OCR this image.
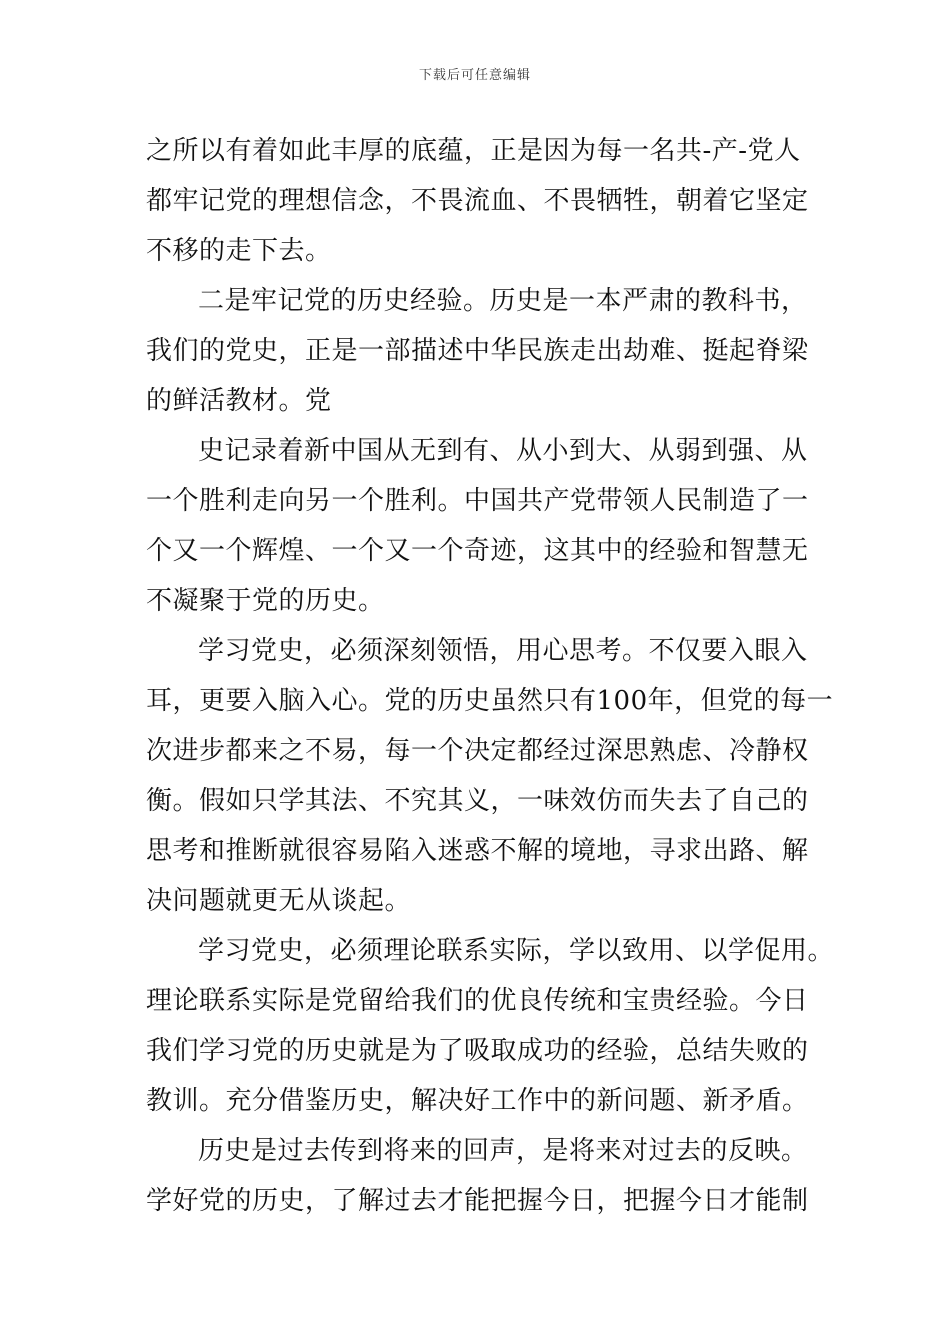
下载后可任意编辑
之所以有着如此丰厚的底蕴，正是因为每一名共-产-党人
都牢记党的理想信念，不畏流血、不畏牺牲，朝着它坚定
不移的走下去。
二是牢记党的历史经验。历史是一本严肃的教科书，
我们的党史，正是一部描述中华民族走出劫难、挺起脊梁
的鲜活教材。党
史记录着新中国从无到有、从小到大、从弱到强、从
一个胜利走向另一个胜利。中国共产党带领人民制造了一
个又一个辉煌、一个又一个奇迹，这其中的经验和智慧无
不凝聚于党的历史。
学习党史，必须深刻领悟，用心思考。不仅要入眼入
耳，更要入脑入心。党的历史虽然只有100年，但党的每一
次进步都来之不易，每一个决定都经过深思熟虑、冷静权
衡。假如只学其法、不究其义，一味效仿而失去了自己的
思考和推断就很容易陷入迷惑不解的境地，寻求出路、解
决问题就更无从谈起。
学习党史，必须理论联系实际，学以致用、以学促用。
理论联系实际是党留给我们的优良传统和宝贵经验。今日
我们学习党的历史就是为了吸取成功的经验，总结失败的
教训。充分借鉴历史，解决好工作中的新问题、新矛盾。
历史是过去传到将来的回声，是将来对过去的反映。
学好党的历史，了解过去才能把握今日，把握今日才能制
